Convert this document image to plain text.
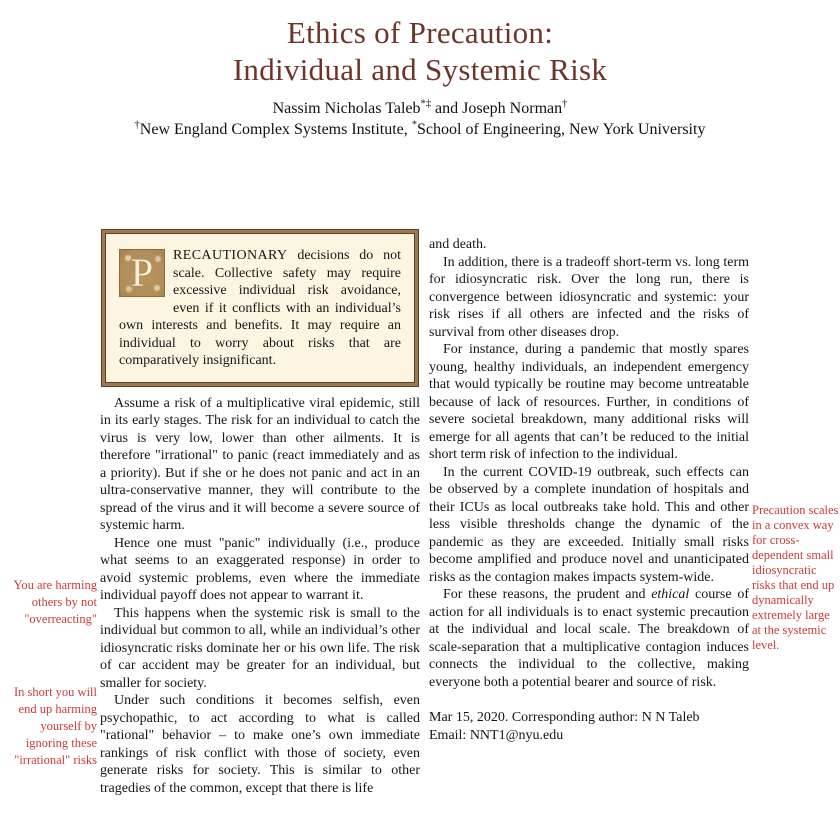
Ethics of Precaution:
Individual and Systemic Risk
Nassim Nicholas Taleb*‡ and Joseph Norman†
†New England Complex Systems Institute, *School of Engineering, New York University
P	RECAUTIONARY decisions do not scale. Collective safety may require excessive individual risk avoidance, even if it conflicts with an individual’s own interests and benefits. It may require an individual to worry about risks that are comparatively insignificant.

Assume a risk of a multiplicative viral epidemic, still in its early stages. The risk for an individual to catch the virus is very low, lower than other ailments. It is therefore "irrational" to panic (react immediately and as a priority). But if she or he does not panic and act in an ultra-conservative manner, they will contribute to the spread of the virus and it will become a severe source of systemic harm.

Hence one must "panic" individually (i.e., produce what seems to an exaggerated response) in order to avoid systemic problems, even where the immediate individual payoff does not appear to warrant it.

This happens when the systemic risk is small to the individual but common to all, while an individual’s other idiosyncratic risks dominate her or his own life. The risk of car accident may be greater for an individual, but smaller for society.

Under such conditions it becomes selfish, even psychopathic, to act according to what is called "rational" behavior – to make one’s own immediate rankings of risk conflict with those of society, even generate risks for society. This is similar to other tragedies of the common, except that there is life

and death.

In addition, there is a tradeoff short-term vs. long term for idiosyncratic risk. Over the long run, there is convergence between idiosyncratic and systemic: your risk rises if all others are infected and the risks of survival from other diseases drop.

For instance, during a pandemic that mostly spares young, healthy individuals, an independent emergency that would typically be routine may become untreatable because of lack of resources. Further, in conditions of severe societal breakdown, many additional risks will emerge for all agents that can’t be reduced to the initial short term risk of infection to the individual.

In the current COVID-19 outbreak, such effects can be observed by a complete inundation of hospitals and their ICUs as local outbreaks take hold. This and other less visible thresholds change the dynamic of the pandemic as they are exceeded. Initially small risks become amplified and produce novel and unanticipated risks as the contagion makes impacts system-wide.

For these reasons, the prudent and ethical course of action for all individuals is to enact systemic precaution at the individual and local scale. The breakdown of scale-separation that a multiplicative contagion induces connects the individual to the collective, making everyone both a potential bearer and source of risk.

Mar 15, 2020. Corresponding author: N N Taleb
Email: NNT1@nyu.edu
You are harming others by not "overreacting"
In short you will end up harming yourself by ignoring these "irrational" risks
Precaution scales in a convex way for cross-dependent small idiosyncratic risks that end up dynamically extremely large at the systemic level.
